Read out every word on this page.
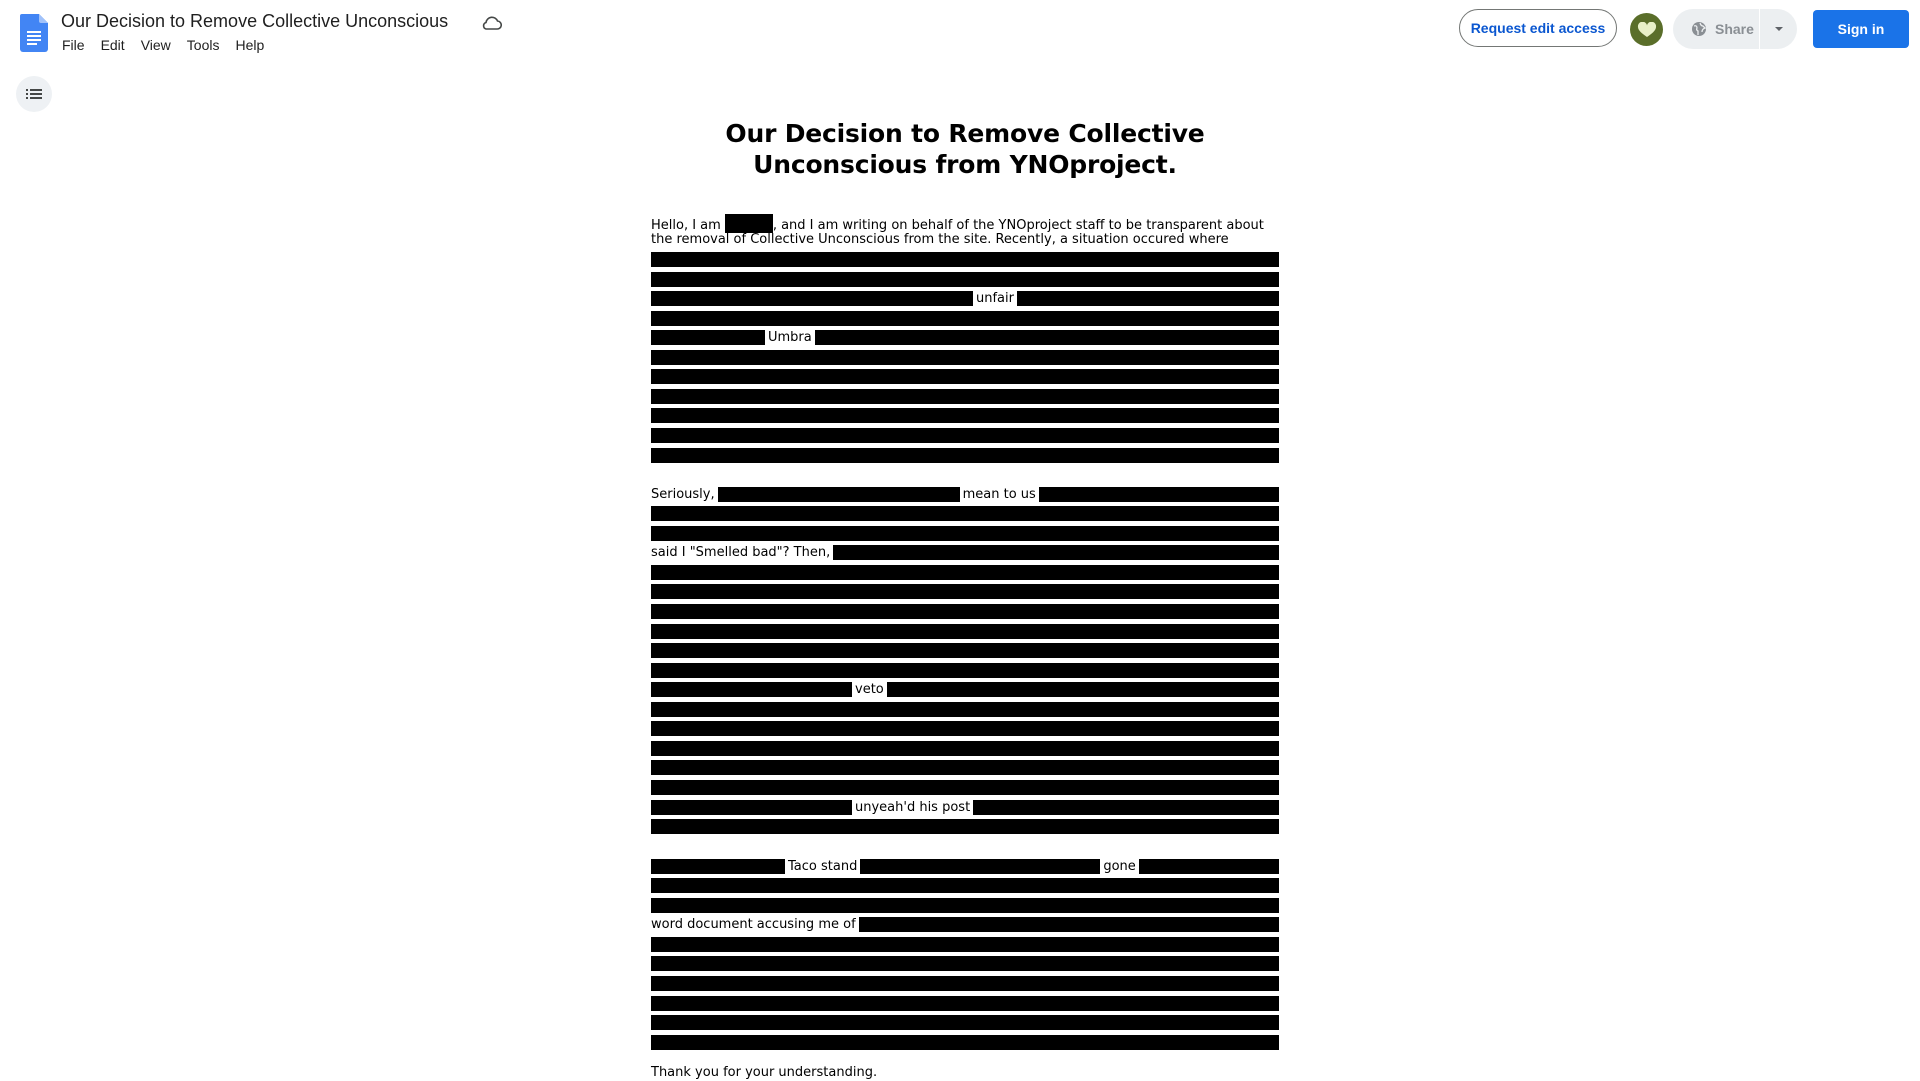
Our Decision to Remove Collective Unconscious
File	Edit	View	Tools	Help
Request edit access	Share	Sign in
Our Decision to Remove Collective Unconscious from YNOproject.
Hello, I am	, and I am writing on behalf of the YNOproject staff to be transparent about
the removal of Collective Unconscious from the site. Recently, a situation occured where
unfair
Umbra
Seriously,	mean to us
said I "Smelled bad"? Then,
veto
unyeah'd his post
Taco stand	gone
word document accusing me of
Thank you for your understanding.
